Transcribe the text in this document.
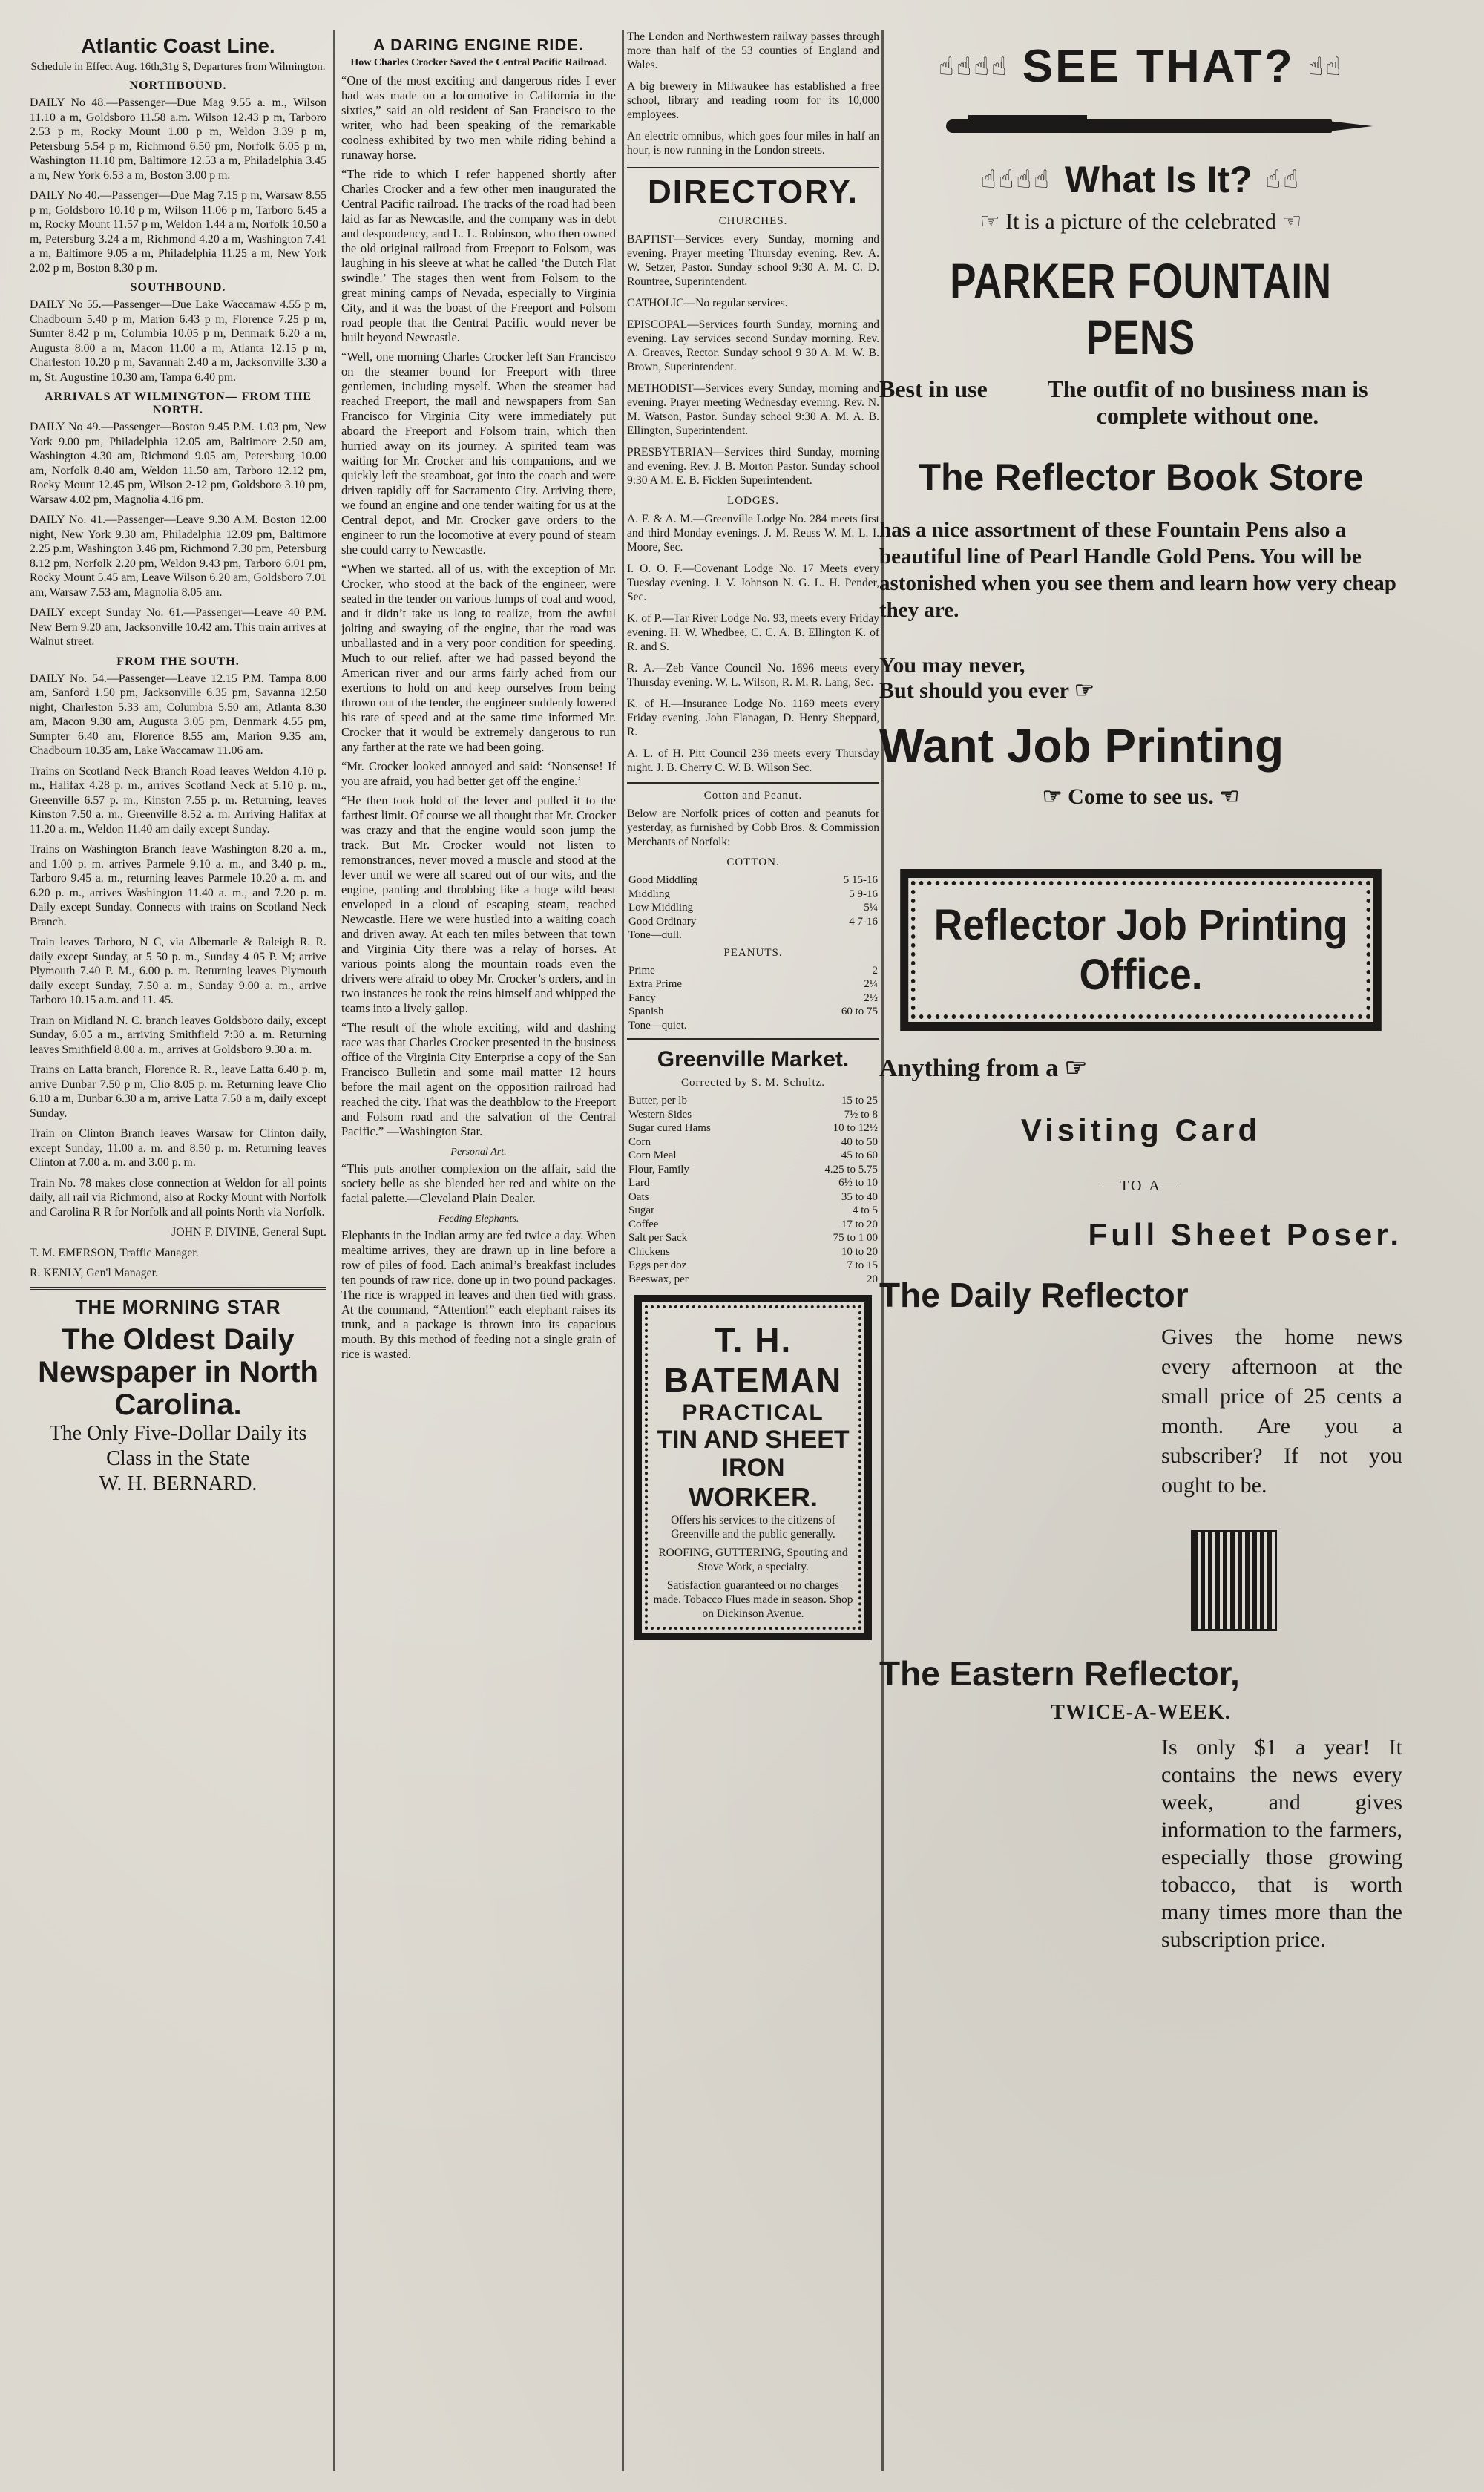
Atlantic Coast Line.
Schedule in Effect Aug. 16th,31g S, Departures from Wilmington.
NORTHBOUND.
DAILY No 48.—Passenger—Due Mag 9.55 a. m., Wilson 11.10 a m, Goldsboro 11.58 a.m. Wilson 12.43 p m, Tarboro 2.53 p m, Rocky Mount 1.00 p m, Weldon 3.39 p m, Petersburg 5.54 p m, Richmond 6.50 pm, Norfolk 6.05 p m, Washington 11.10 pm, Baltimore 12.53 a m, Philadelphia 3.45 a m, New York 6.53 a m, Boston 3.00 p m.
DAILY No 40.—Passenger—Due Mag 7.15 p m, Warsaw 8.55 p m, Goldsboro 10.10 p m, Wilson 11.06 p m, Tarboro 6.45 a m, Rocky Mount 11.57 p m, Weldon 1.44 a m, Norfolk 10.50 a m, Petersburg 3.24 a m, Richmond 4.20 a m, Washington 7.41 a m, Baltimore 9.05 a m, Philadelphia 11.25 a m, New York 2.02 p m, Boston 8.30 p m.
SOUTHBOUND.
DAILY No 55.—Passenger—Due Lake Waccamaw 4.55 p m, Chadbourn 5.40 p m, Marion 6.43 p m, Florence 7.25 p m, Sumter 8.42 p m, Columbia 10.05 p m, Denmark 6.20 a m, Augusta 8.00 a m, Macon 11.00 a m, Atlanta 12.15 p m, Charleston 10.20 p m, Savannah 2.40 a m, Jacksonville 3.30 a m, St. Augustine 10.30 am, Tampa 6.40 pm.
ARRIVALS AT WILMINGTON— FROM THE NORTH.
DAILY No 49.—Passenger—Boston 9.45 P.M. 1.03 pm, New York 9.00 pm, Philadelphia 12.05 am, Baltimore 2.50 am, Washington 4.30 am, Richmond 9.05 am, Petersburg 10.00 am, Norfolk 8.40 am, Weldon 11.50 am, Tarboro 12.12 pm, Rocky Mount 12.45 pm, Wilson 2-12 pm, Goldsboro 3.10 pm, Warsaw 4.02 pm, Magnolia 4.16 pm.
DAILY No. 41.—Passenger—Leave 9.30 A.M. Boston 12.00 night, New York 9.30 am, Philadelphia 12.09 pm, Baltimore 2.25 p.m, Washington 3.46 pm, Richmond 7.30 pm, Petersburg 8.12 pm, Norfolk 2.20 pm, Weldon 9.43 pm, Tarboro 6.01 pm, Rocky Mount 5.45 am, Leave Wilson 6.20 am, Goldsboro 7.01 am, Warsaw 7.53 am, Magnolia 8.05 am.
DAILY except Sunday No. 61.—Passenger—Leave 40 P.M. New Bern 9.20 am, Jacksonville 10.42 am. This train arrives at Walnut street.
FROM THE SOUTH.
DAILY No. 54.—Passenger—Leave 12.15 P.M. Tampa 8.00 am, Sanford 1.50 pm, Jacksonville 6.35 pm, Savanna 12.50 night, Charleston 5.33 am, Columbia 5.50 am, Atlanta 8.30 am, Macon 9.30 am, Augusta 3.05 pm, Denmark 4.55 pm, Sumpter 6.40 am, Florence 8.55 am, Marion 9.35 am, Chadbourn 10.35 am, Lake Waccamaw 11.06 am.
Trains on Scotland Neck Branch Road leaves Weldon 4.10 p. m., Halifax 4.28 p. m., arrives Scotland Neck at 5.10 p. m., Greenville 6.57 p. m., Kinston 7.55 p. m. Returning, leaves Kinston 7.50 a. m., Greenville 8.52 a. m. Arriving Halifax at 11.20 a. m., Weldon 11.40 am daily except Sunday.
Trains on Washington Branch leave Washington 8.20 a. m., and 1.00 p. m. arrives Parmele 9.10 a. m., and 3.40 p. m., Tarboro 9.45 a. m., returning leaves Parmele 10.20 a. m. and 6.20 p. m., arrives Washington 11.40 a. m., and 7.20 p. m. Daily except Sunday. Connects with trains on Scotland Neck Branch.
Train leaves Tarboro, N C, via Albemarle & Raleigh R. R. daily except Sunday, at 5 50 p. m., Sunday 4 05 P. M; arrive Plymouth 7.40 P. M., 6.00 p. m. Returning leaves Plymouth daily except Sunday, 7.50 a. m., Sunday 9.00 a. m., arrive Tarboro 10.15 a.m. and 11. 45.
Train on Midland N. C. branch leaves Goldsboro daily, except Sunday, 6.05 a m., arriving Smithfield 7:30 a. m. Returning leaves Smithfield 8.00 a. m., arrives at Goldsboro 9.30 a. m.
Trains on Latta branch, Florence R. R., leave Latta 6.40 p. m, arrive Dunbar 7.50 p m, Clio 8.05 p. m. Returning leave Clio 6.10 a m, Dunbar 6.30 a m, arrive Latta 7.50 a m, daily except Sunday.
Train on Clinton Branch leaves Warsaw for Clinton daily, except Sunday, 11.00 a. m. and 8.50 p. m. Returning leaves Clinton at 7.00 a. m. and 3.00 p. m.
Train No. 78 makes close connection at Weldon for all points daily, all rail via Richmond, also at Rocky Mount with Norfolk and Carolina R R for Norfolk and all points North via Norfolk.
JOHN F. DIVINE, General Supt.
T. M. EMERSON, Traffic Manager.
R. KENLY, Gen'l Manager.
THE MORNING STAR
The Oldest Daily Newspaper in North Carolina.
The Only Five-Dollar Daily its Class in the State
W. H. BERNARD.
A DARING ENGINE RIDE.
How Charles Crocker Saved the Central Pacific Railroad.

“One of the most exciting and dangerous rides I ever had was made on a locomotive in California in the sixties,” said an old resident of San Francisco to the writer, who had been speaking of the remarkable coolness exhibited by two men while riding behind a runaway horse.

“The ride to which I refer happened shortly after Charles Crocker and a few other men inaugurated the Central Pacific railroad. The tracks of the road had been laid as far as Newcastle, and the company was in debt and despondency, and L. L. Robinson, who then owned the old original railroad from Freeport to Folsom, was laughing in his sleeve at what he called ‘the Dutch Flat swindle.’ The stages then went from Folsom to the great mining camps of Nevada, especially to Virginia City, and it was the boast of the Freeport and Folsom road people that the Central Pacific would never be built beyond Newcastle.

“Well, one morning Charles Crocker left San Francisco on the steamer bound for Freeport with three gentlemen, including myself. When the steamer had reached Freeport, the mail and newspapers from San Francisco for Virginia City were immediately put aboard the Freeport and Folsom train, which then hurried away on its journey. A spirited team was waiting for Mr. Crocker and his companions, and we quickly left the steamboat, got into the coach and were driven rapidly off for Sacramento City. Arriving there, we found an engine and one tender waiting for us at the Central depot, and Mr. Crocker gave orders to the engineer to run the locomotive at every pound of steam she could carry to Newcastle.

“When we started, all of us, with the exception of Mr. Crocker, who stood at the back of the engineer, were seated in the tender on various lumps of coal and wood, and it didn’t take us long to realize, from the awful jolting and swaying of the engine, that the road was unballasted and in a very poor condition for speeding. Much to our relief, after we had passed beyond the American river and our arms fairly ached from our exertions to hold on and keep ourselves from being thrown out of the tender, the engineer suddenly lowered his rate of speed and at the same time informed Mr. Crocker that it would be extremely dangerous to run any farther at the rate we had been going.

“Mr. Crocker looked annoyed and said: ‘Nonsense! If you are afraid, you had better get off the engine.’

“He then took hold of the lever and pulled it to the farthest limit. Of course we all thought that Mr. Crocker was crazy and that the engine would soon jump the track. But Mr. Crocker would not listen to remonstrances, never moved a muscle and stood at the lever until we were all scared out of our wits, and the engine, panting and throbbing like a huge wild beast enveloped in a cloud of escaping steam, reached Newcastle. Here we were hustled into a waiting coach and driven away. At each ten miles between that town and Virginia City there was a relay of horses. At various points along the mountain roads even the drivers were afraid to obey Mr. Crocker’s orders, and in two instances he took the reins himself and whipped the teams into a lively gallop.

“The result of the whole exciting, wild and dashing race was that Charles Crocker presented in the business office of the Virginia City Enterprise a copy of the San Francisco Bulletin and some mail matter 12 hours before the mail agent on the opposition railroad had reached the city. That was the deathblow to the Freeport and Folsom road and the salvation of the Central Pacific.” —Washington Star.

Personal Art.

“This puts another complexion on the affair, said the society belle as she blended her red and white on the facial palette.—Cleveland Plain Dealer.

Feeding Elephants.

Elephants in the Indian army are fed twice a day. When mealtime arrives, they are drawn up in line before a row of piles of food. Each animal’s breakfast includes ten pounds of raw rice, done up in two pound packages. The rice is wrapped in leaves and then tied with grass. At the command, “Attention!” each elephant raises its trunk, and a package is thrown into its capacious mouth. By this method of feeding not a single grain of rice is wasted.

The London and Northwestern railway passes through more than half of the 53 counties of England and Wales.

A big brewery in Milwaukee has established a free school, library and reading room for its 10,000 employees.

An electric omnibus, which goes four miles in half an hour, is now running in the London streets.

DIRECTORY.
CHURCHES.

BAPTIST—Services every Sunday, morning and evening. Prayer meeting Thursday evening. Rev. A. W. Setzer, Pastor. Sunday school 9:30 A. M. C. D. Rountree, Superintendent.

CATHOLIC—No regular services.

EPISCOPAL—Services fourth Sunday, morning and evening. Lay services second Sunday morning. Rev. A. Greaves, Rector. Sunday school 9 30 A. M. W. B. Brown, Superintendent.

METHODIST—Services every Sunday, morning and evening. Prayer meeting Wednesday evening. Rev. N. M. Watson, Pastor. Sunday school 9:30 A. M. A. B. Ellington, Superintendent.

PRESBYTERIAN—Services third Sunday, morning and evening. Rev. J. B. Morton Pastor. Sunday school 9:30 A M. E. B. Ficklen Superintendent.

LODGES.

A. F. & A. M.—Greenville Lodge No. 284 meets first and third Monday evenings. J. M. Reuss W. M. L. I. Moore, Sec.

I. O. O. F.—Covenant Lodge No. 17 Meets every Tuesday evening. J. V. Johnson N. G. L. H. Pender, Sec.

K. of P.—Tar River Lodge No. 93, meets every Friday evening. H. W. Whedbee, C. C. A. B. Ellington K. of R. and S.

R. A.—Zeb Vance Council No. 1696 meets every Thursday evening. W. L. Wilson, R. M. R. Lang, Sec.

K. of H.—Insurance Lodge No. 1169 meets every Friday evening. John Flanagan, D. Henry Sheppard, R.

A. L. of H. Pitt Council 236 meets every Thursday night. J. B. Cherry C. W. B. Wilson Sec.

Cotton and Peanut.

Below are Norfolk prices of cotton and peanuts for yesterday, as furnished by Cobb Bros. & Commission Merchants of Norfolk:

COTTON.
Good Middling	5 15-16
Middling	5 9-16
Low Middling	5¼
Good Ordinary	4 7-16
Tone—dull.	
PEANUTS.
Prime	2
Extra Prime	2¼
Fancy	2½
Spanish	60 to 75
Tone—quiet.	
Greenville Market.
Corrected by S. M. Schultz.
Butter, per lb	15 to 25
Western Sides	7½ to 8
Sugar cured Hams	10 to 12½
Corn	40 to 50
Corn Meal	45 to 60
Flour, Family	4.25 to 5.75
Lard	6½ to 10
Oats	35 to 40
Sugar	4 to 5
Coffee	17 to 20
Salt per Sack	75 to 1 00
Chickens	10 to 20
Eggs per doz	7 to 15
Beeswax, per	20
T. H. BATEMAN
PRACTICAL
TIN AND SHEET IRON
WORKER.

Offers his services to the citizens of Greenville and the public generally.

ROOFING, GUTTERING, Spouting and Stove Work, a specialty.

Satisfaction guaranteed or no charges made. Tobacco Flues made in season. Shop on Dickinson Avenue.

☝☝☝☝ SEE THAT? ☝☝
☝☝☝☝ What Is It? ☝☝
☞ It is a picture of the celebrated ☜
PARKER FOUNTAIN PENS
Best in use	The outfit of no business man is complete without one.
The Reflector Book Store
has a nice assortment of these Fountain Pens also a beautiful line of Pearl Handle Gold Pens. You will be astonished when you see them and learn how very cheap they are.
You may never,
But should you ever ☞
Want Job Printing
☞ Come to see us. ☜
Reflector Job Printing Office.
Anything from a ☞
Visiting Card
—TO A—
Full Sheet Poser.
The Daily Reflector
Gives the home news every afternoon at the small price of 25 cents a month. Are you a subscriber? If not you ought to be.
The Eastern Reflector,
TWICE-A-WEEK.
Is only $1 a year! It contains the news every week, and gives information to the farmers, especially those growing tobacco, that is worth many times more than the subscription price.
